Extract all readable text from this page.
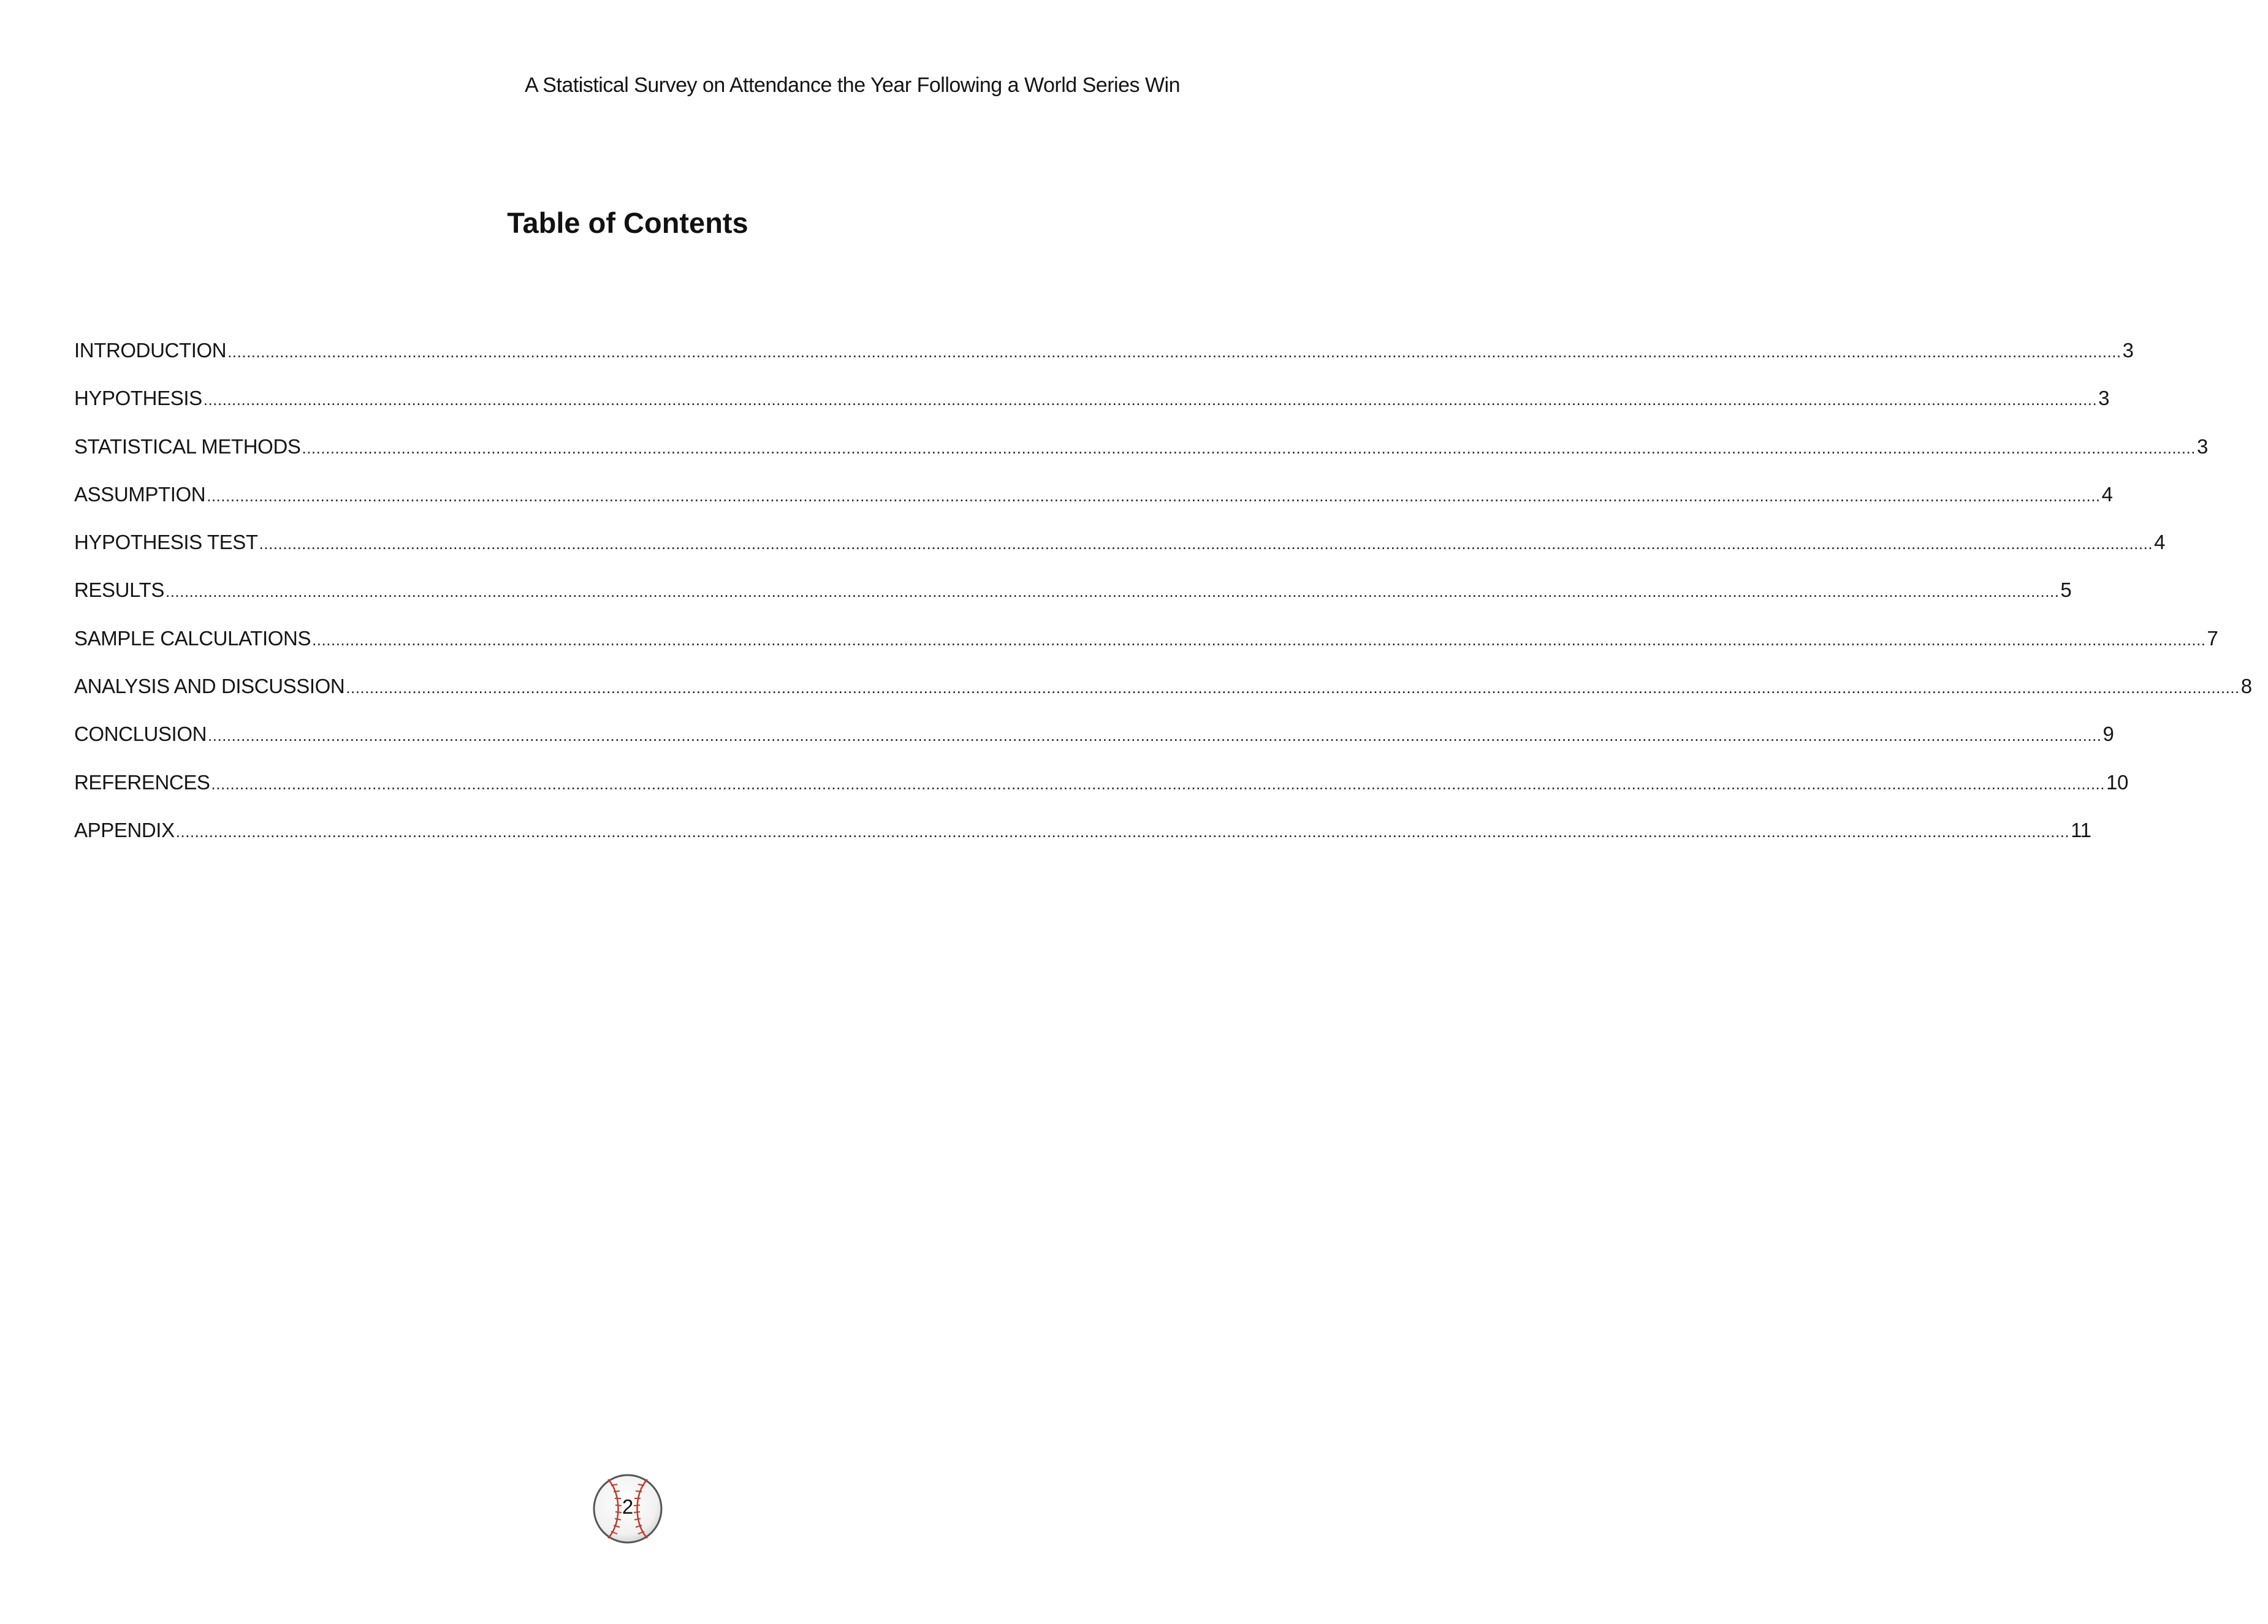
A Statistical Survey on Attendance the Year Following a World Series Win
Table of Contents
INTRODUCTION ................................................................................................................................................................................................................................................................................................................................................................................................................ 3
HYPOTHESIS ................................................................................................................................................................................................................................................................................................................................................................................................................ 3
STATISTICAL METHODS ................................................................................................................................................................................................................................................................................................................................................................................................................ 3
ASSUMPTION ................................................................................................................................................................................................................................................................................................................................................................................................................ 4
HYPOTHESIS TEST ................................................................................................................................................................................................................................................................................................................................................................................................................ 4
RESULTS ................................................................................................................................................................................................................................................................................................................................................................................................................ 5
SAMPLE CALCULATIONS ................................................................................................................................................................................................................................................................................................................................................................................................................ 7
ANALYSIS AND DISCUSSION ................................................................................................................................................................................................................................................................................................................................................................................................................ 8
CONCLUSION ................................................................................................................................................................................................................................................................................................................................................................................................................ 9
REFERENCES ................................................................................................................................................................................................................................................................................................................................................................................................................ 10
APPENDIX ................................................................................................................................................................................................................................................................................................................................................................................................................ 11
2
